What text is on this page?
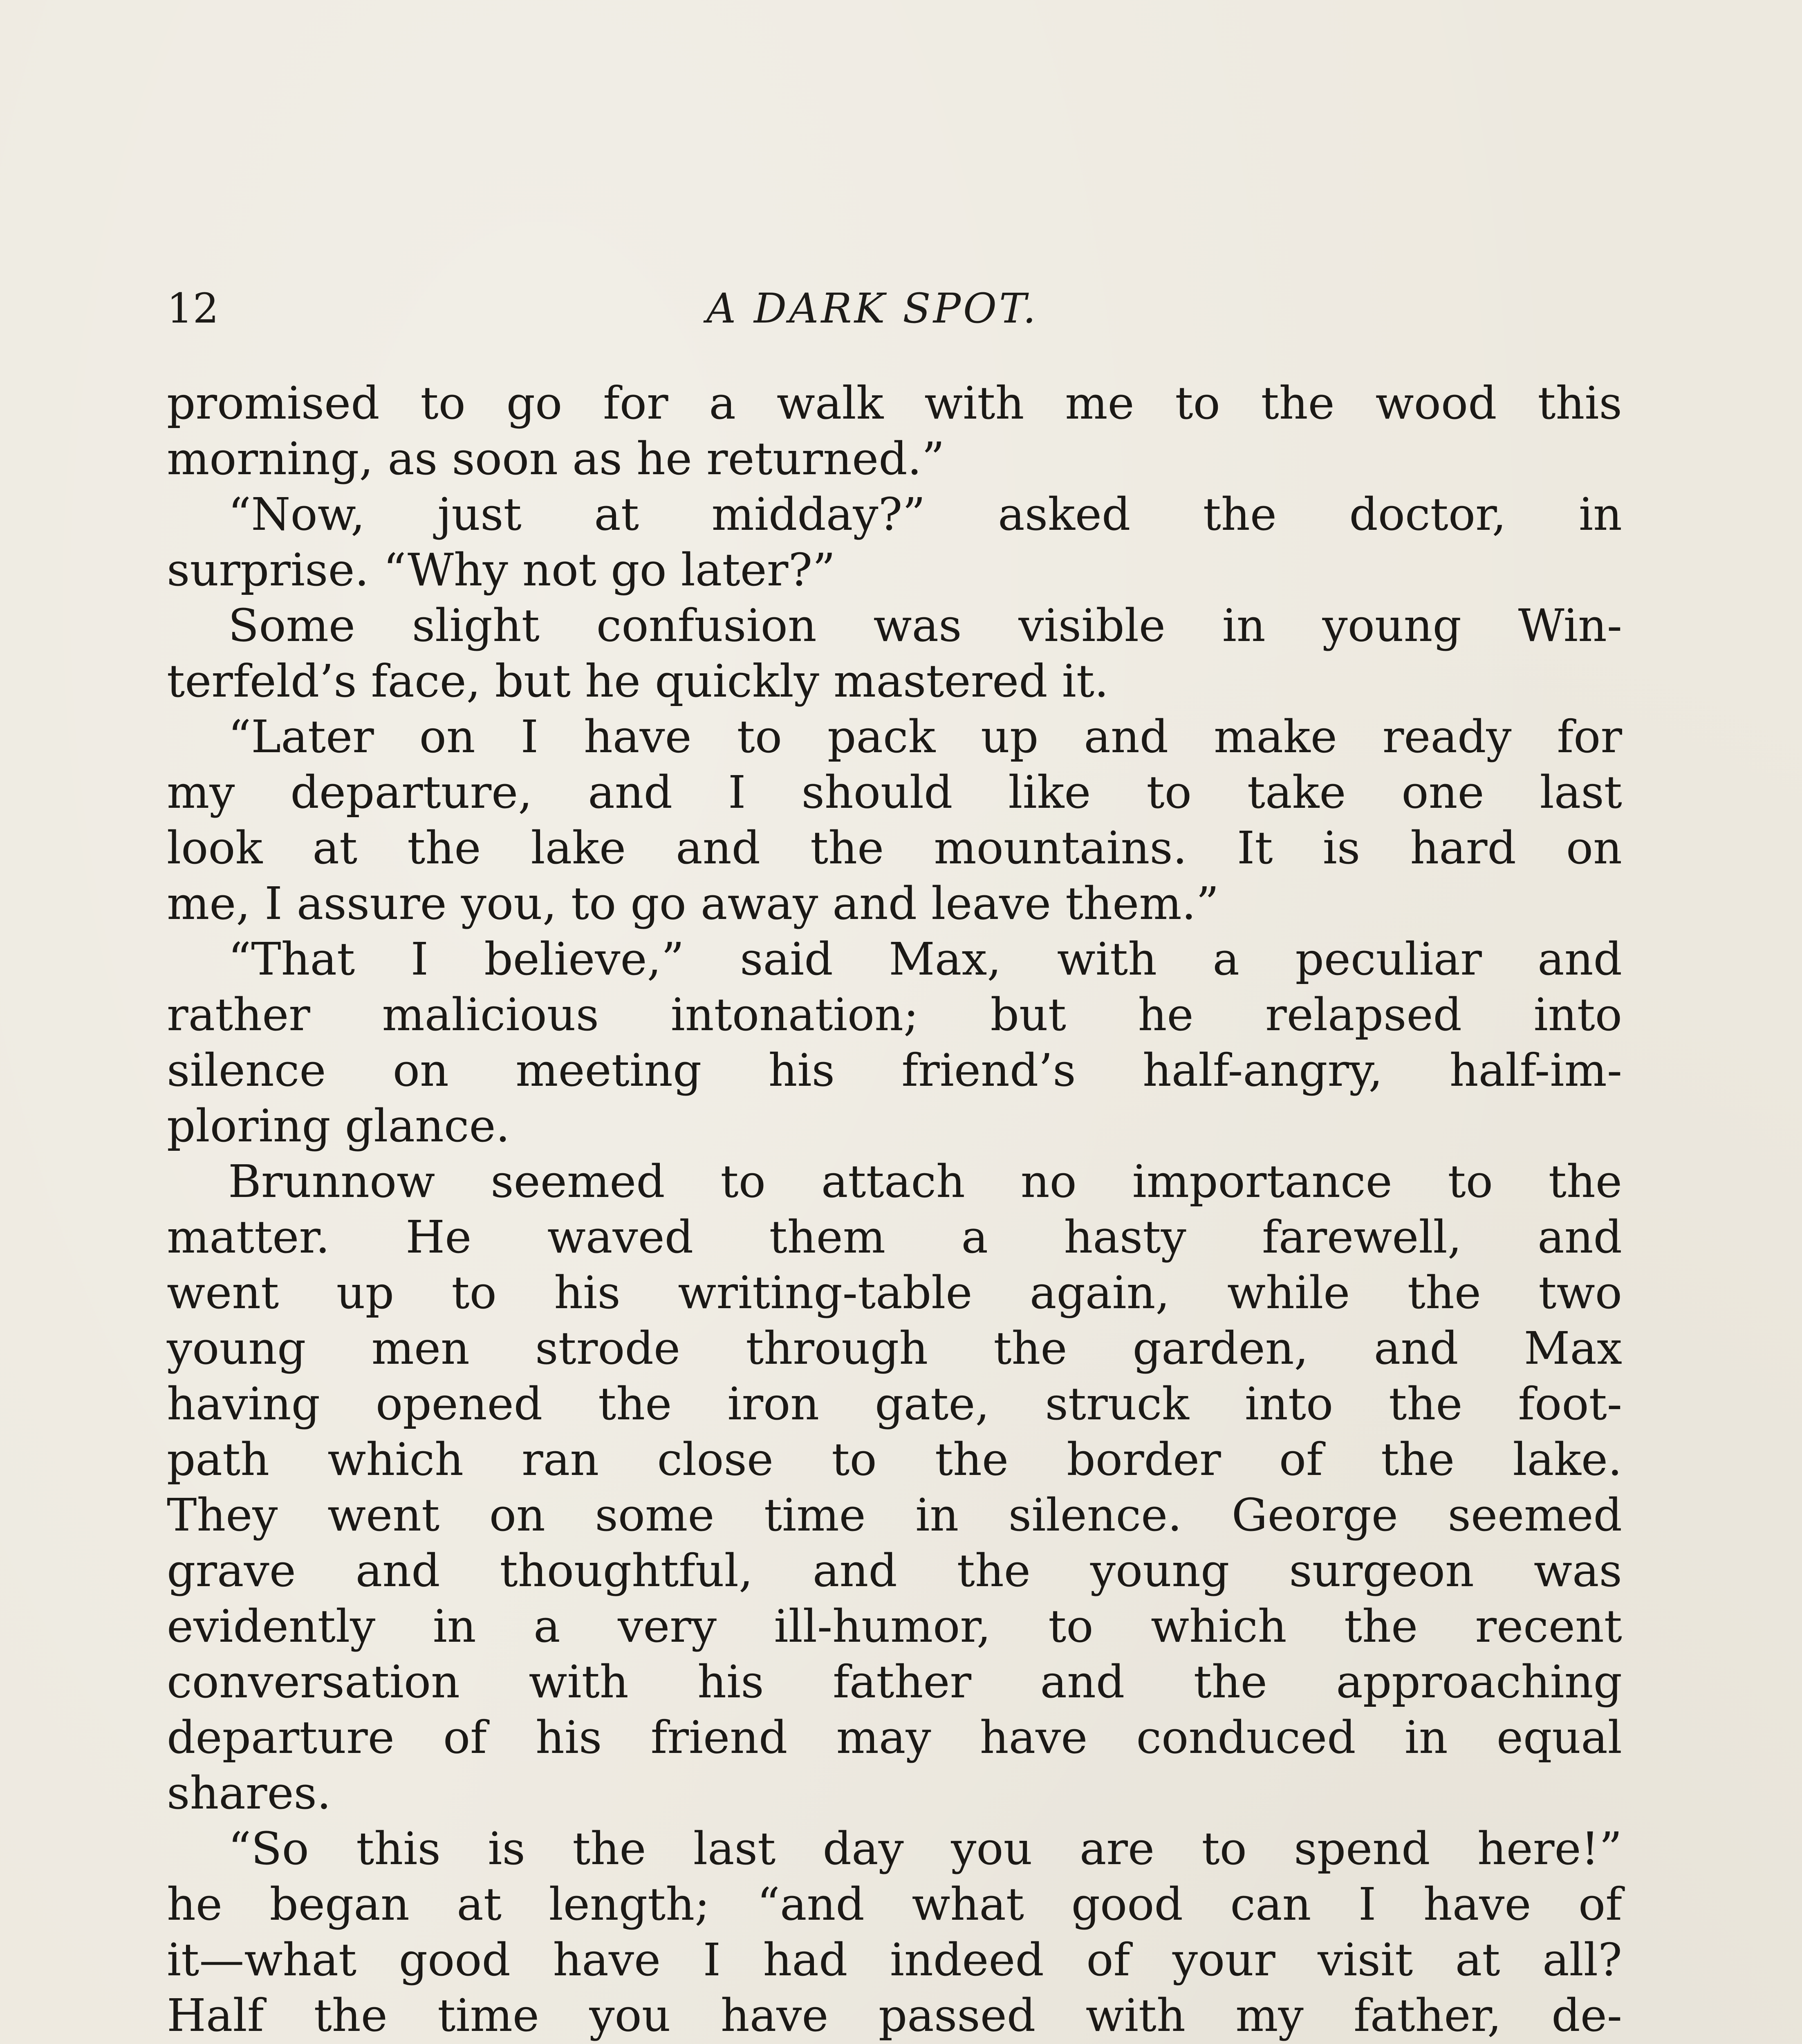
12	A DARK SPOT.

promised to go for a walk with me to the wood this

morning, as soon as he returned.”

“Now, just at midday?” asked the doctor, in

surprise. “Why not go later?”

Some slight confusion was visible in young Win-

terfeld’s face, but he quickly mastered it.

“Later on I have to pack up and make ready for

my departure, and I should like to take one last

look at the lake and the mountains. It is hard on

me, I assure you, to go away and leave them.”

“That I believe,” said Max, with a peculiar and

rather malicious intonation; but he relapsed into

silence on meeting his friend’s half-angry, half-im-

ploring glance.

Brunnow seemed to attach no importance to the

matter. He waved them a hasty farewell, and

went up to his writing-table again, while the two

young men strode through the garden, and Max

having opened the iron gate, struck into the foot-

path which ran close to the border of the lake.

They went on some time in silence. George seemed

grave and thoughtful, and the young surgeon was

evidently in a very ill-humor, to which the recent

conversation with his father and the approaching

departure of his friend may have conduced in equal

shares.

“So this is the last day you are to spend here!”

he began at length; “and what good can I have of

it—what good have I had indeed of your visit at all?

Half the time you have passed with my father, de-
